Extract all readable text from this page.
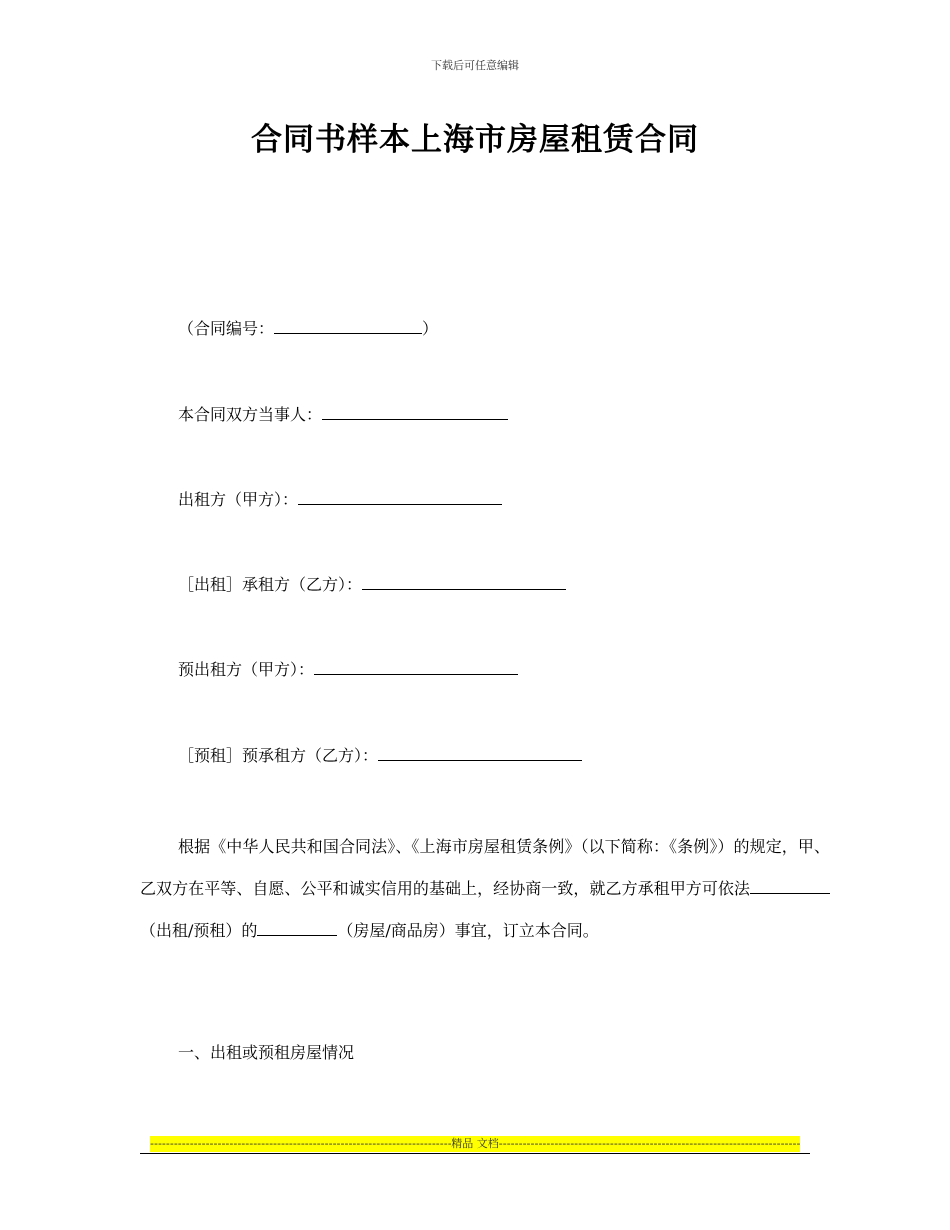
下载后可任意编辑
合同书样本上海市房屋租赁合同
（合同编号：	）
本合同双方当事人：
出租方（甲方）：
［出租］承租方（乙方）：
预出租方（甲方）：
［预租］预承租方（乙方）：

根据《中华人民共和国合同法》、《上海市房屋租赁条例》（以下简称：《条例》）的规定，甲、乙双方在平等、自愿、公平和诚实信用的基础上，经协商一致，就乙方承租甲方可依法（出租/预租）的	（房屋/商品房）事宜，订立本合同。

一、出租或预租房屋情况
-----
精品 文档
-----
